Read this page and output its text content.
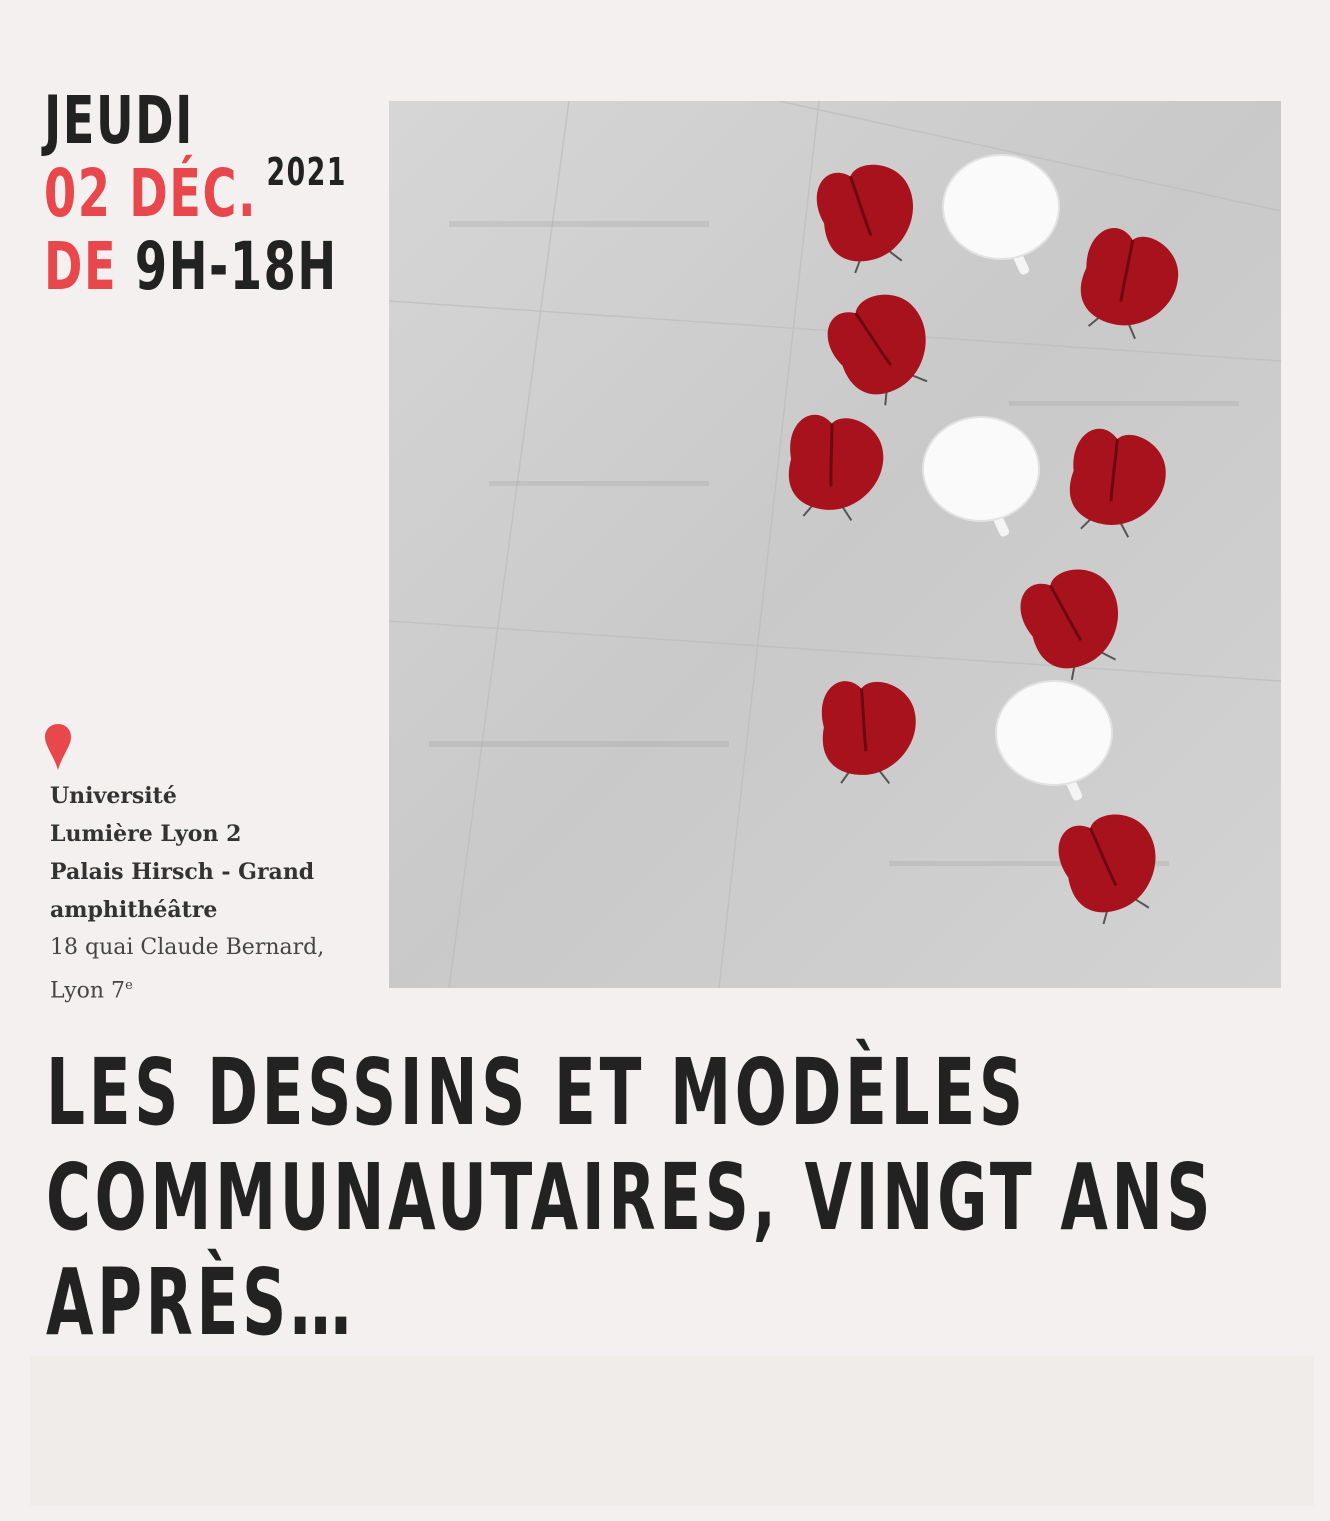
JEUDI
02 DÉC. $^{2021}$
DE 9H-18H
Université
Lumière Lyon 2
Palais Hirsch - Grand
amphithéâtre
18 quai Claude Bernard,
Lyon 7e
LES DESSINS ET MODÈLES
COMMUNAUTAIRES, VINGT ANS
APRÈS…
